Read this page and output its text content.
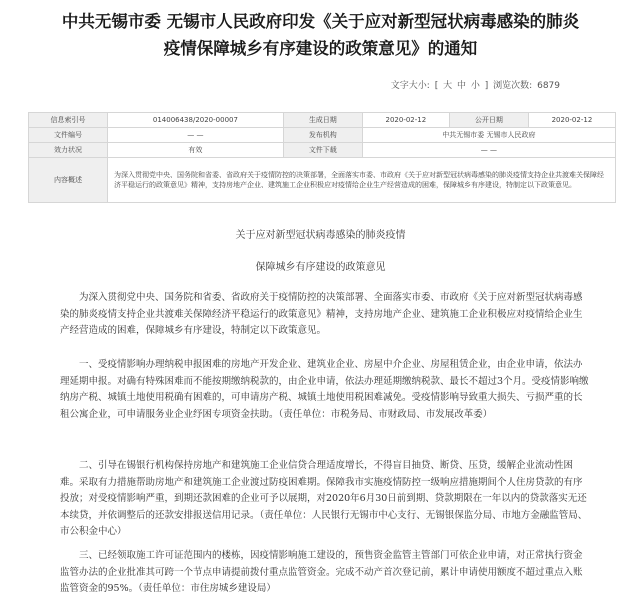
中共无锡市委 无锡市人民政府印发《关于应对新型冠状病毒感染的肺炎疫情保障城乡有序建设的政策意见》的通知
文字大小: [ 大 中 小 ] 浏览次数: 6879
信息索引号	014006438/2020-00007	生成日期	2020-02-12	公开日期	2020-02-12
文件编号	— —	发布机构	中共无锡市委 无锡市人民政府		
效力状况	有效	文件下载	— —		
内容概述	为深入贯彻党中央、国务院和省委、省政府关于疫情防控的决策部署，全面落实市委、市政府《关于应对新型冠状病毒感染的肺炎疫情支持企业共渡难关保障经济平稳运行的政策意见》精神，支持房地产企业、建筑施工企业积极应对疫情给企业生产经营造成的困难，保障城乡有序建设，特制定以下政策意见。				
关于应对新型冠状病毒感染的肺炎疫情
保障城乡有序建设的政策意见

为深入贯彻党中央、国务院和省委、省政府关于疫情防控的决策部署、全面落实市委、市政府《关于应对新型冠状病毒感染的肺炎疫情支持企业共渡难关保障经济平稳运行的政策意见》精神，支持房地产企业、建筑施工企业积极应对疫情给企业生产经营造成的困难，保障城乡有序建设，特制定以下政策意见。

一、受疫情影响办理纳税申报困难的房地产开发企业、建筑业企业、房屋中介企业、房屋租赁企业，由企业申请，依法办理延期申报。对确有特殊困难而不能按期缴纳税款的，由企业申请，依法办理延期缴纳税款、最长不超过3个月。受疫情影响缴纳房产税、城镇土地使用税确有困难的，可申请房产税、城镇土地使用税困难减免。受疫情影响导致重大损失、亏损严重的长租公寓企业，可申请服务业企业纾困专项资金扶助。（责任单位：市税务局、市财政局、市发展改革委）

二、引导在锡银行机构保持房地产和建筑施工企业信贷合理适度增长，不得盲目抽贷、断贷、压贷，缓解企业流动性困难。采取有力措施帮助房地产和建筑施工企业渡过防疫困难期。保障我市实施疫情防控一级响应措施期间个人住房贷款的有序投放；对受疫情影响严重，到期还款困难的企业可予以展期，对2020年6月30日前到期、贷款期限在一年以内的贷款落实无还本续贷，并依调整后的还款安排报送信用记录。（责任单位：人民银行无锡市中心支行、无锡银保监分局、市地方金融监管局、市公积金中心）

三、已经领取施工许可证范围内的楼栋，因疫情影响施工建设的，预售资金监管主管部门可依企业申请，对正常执行资金监管办法的企业批准其可跨一个节点申请提前拨付重点监管资金。完成不动产首次登记前，累计申请使用额度不超过重点入账监管资金的95%。（责任单位：市住房城乡建设局）
